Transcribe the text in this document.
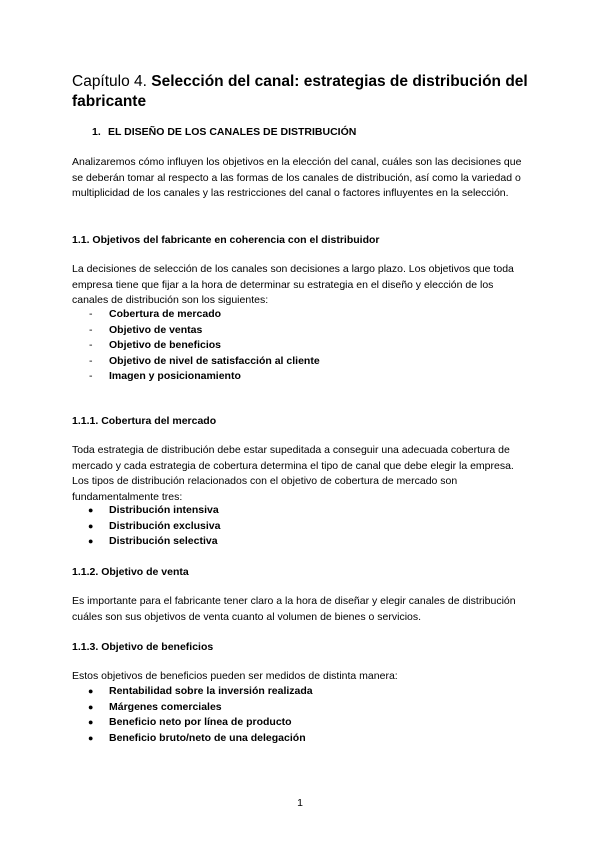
Capítulo 4. Selección del canal: estrategias de distribución del fabricante
1. EL DISEÑO DE LOS CANALES DE DISTRIBUCIÓN

Analizaremos cómo influyen los objetivos en la elección del canal, cuáles son las decisiones que se deberán tomar al respecto a las formas de los canales de distribución, así como la variedad o multiplicidad de los canales y las restricciones del canal o factores influyentes en la selección.

1.1. Objetivos del fabricante en coherencia con el distribuidor

La decisiones de selección de los canales son decisiones a largo plazo. Los objetivos que toda empresa tiene que fijar a la hora de determinar su estrategia en el diseño y elección de los canales de distribución son los siguientes:

-	Cobertura de mercado
-	Objetivo de ventas
-	Objetivo de beneficios
-	Objetivo de nivel de satisfacción al cliente
-	Imagen y posicionamiento
1.1.1. Cobertura del mercado

Toda estrategia de distribución debe estar supeditada a conseguir una adecuada cobertura de mercado y cada estrategia de cobertura determina el tipo de canal que debe elegir la empresa. Los tipos de distribución relacionados con el objetivo de cobertura de mercado son fundamentalmente tres:

●	Distribución intensiva
●	Distribución exclusiva
●	Distribución selectiva
1.1.2. Objetivo de venta

Es importante para el fabricante tener claro a la hora de diseñar y elegir canales de distribución cuáles son sus objetivos de venta cuanto al volumen de bienes o servicios.

1.1.3. Objetivo de beneficios

Estos objetivos de beneficios pueden ser medidos de distinta manera:

●	Rentabilidad sobre la inversión realizada
●	Márgenes comerciales
●	Beneficio neto por línea de producto
●	Beneficio bruto/neto de una delegación

1
